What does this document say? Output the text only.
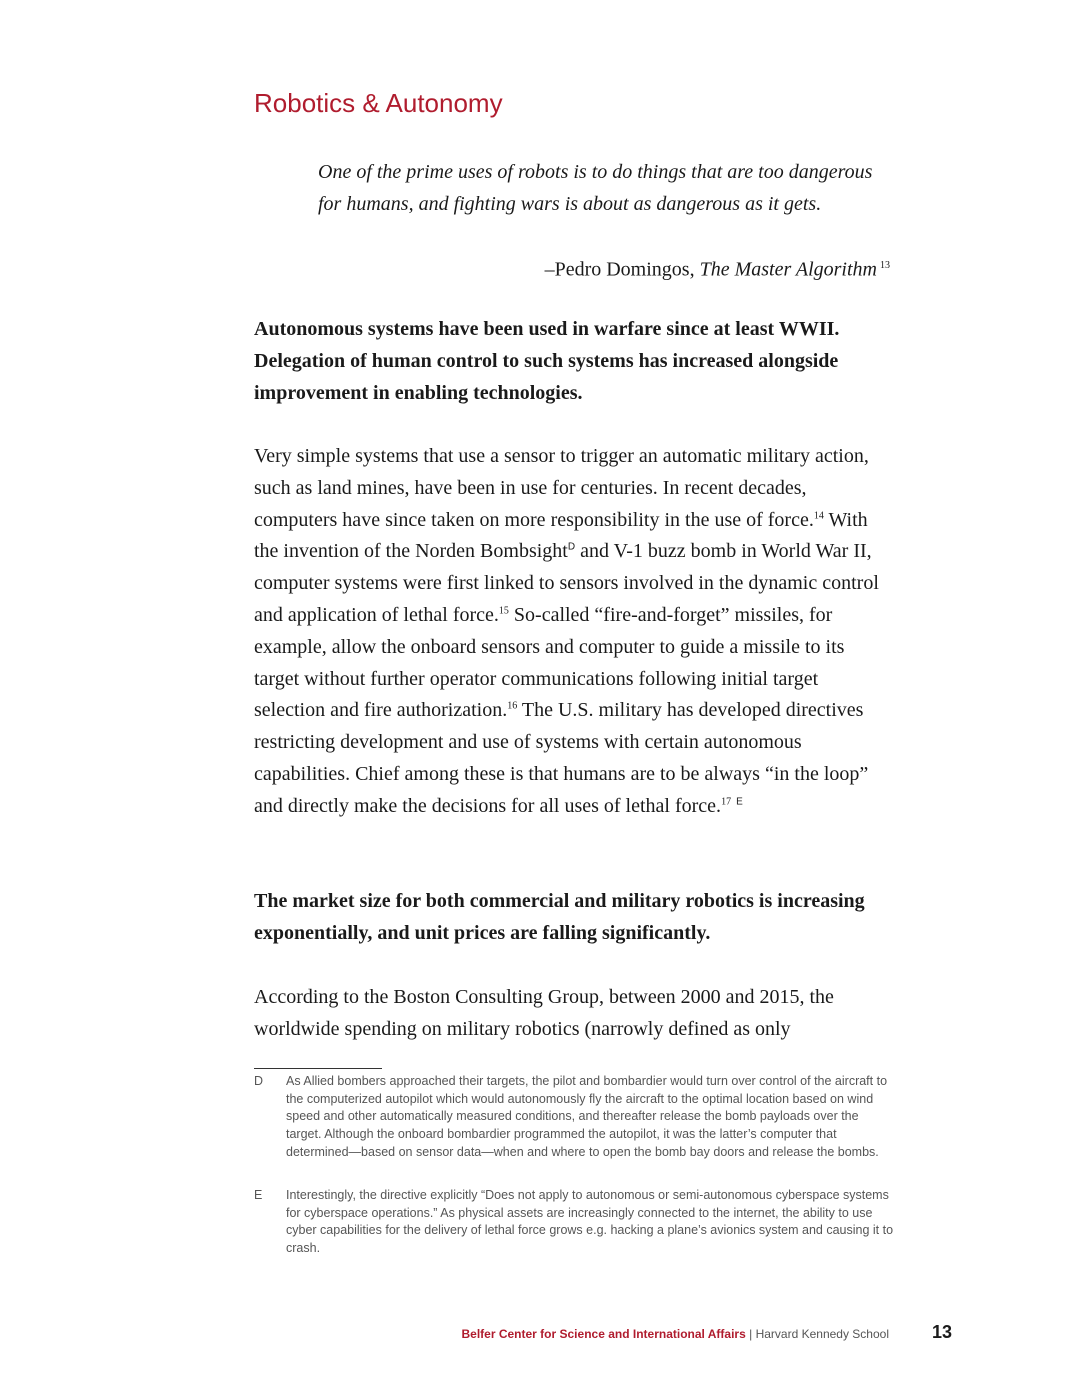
Robotics & Autonomy

One of the prime uses of robots is to do things that are too dangerous for humans, and fighting wars is about as dangerous as it gets.

–Pedro Domingos, The Master Algorithm $^{13}$

Autonomous systems have been used in warfare since at least WWII. Delegation of human control to such systems has increased alongside improvement in enabling technologies.

Very simple systems that use a sensor to trigger an automatic military action, such as land mines, have been in use for centuries. In recent decades, computers have since taken on more responsibility in the use of force.$^{14}$ With the invention of the Norden Bombsight$^D$ and V-1 buzz bomb in World War II, computer systems were first linked to sensors involved in the dynamic control and application of lethal force.$^{15}$ So-called “fire-and-forget” missiles, for example, allow the onboard sensors and computer to guide a missile to its target without further operator communications following initial target selection and fire authorization.$^{16}$ The U.S. military has developed directives restricting development and use of systems with certain autonomous capabilities. Chief among these is that humans are to be always “in the loop” and directly make the decisions for all uses of lethal force.$^{17}$ $^E$

The market size for both commercial and military robotics is increasing exponentially, and unit prices are falling significantly.

According to the Boston Consulting Group, between 2000 and 2015, the worldwide spending on military robotics (narrowly defined as only

D As Allied bombers approached their targets, the pilot and bombardier would turn over control of the aircraft to the computerized autopilot which would autonomously fly the aircraft to the optimal location based on wind speed and other automatically measured conditions, and thereafter release the bomb payloads over the target. Although the onboard bombardier programmed the autopilot, it was the latter’s computer that determined—based on sensor data—when and where to open the bomb bay doors and release the bombs.
E Interestingly, the directive explicitly “Does not apply to autonomous or semi-autonomous cyberspace systems for cyberspace operations.” As physical assets are increasingly connected to the internet, the ability to use cyber capabilities for the delivery of lethal force grows e.g. hacking a plane’s avionics system and causing it to crash.
Belfer Center for Science and International Affairs | Harvard Kennedy School 13
